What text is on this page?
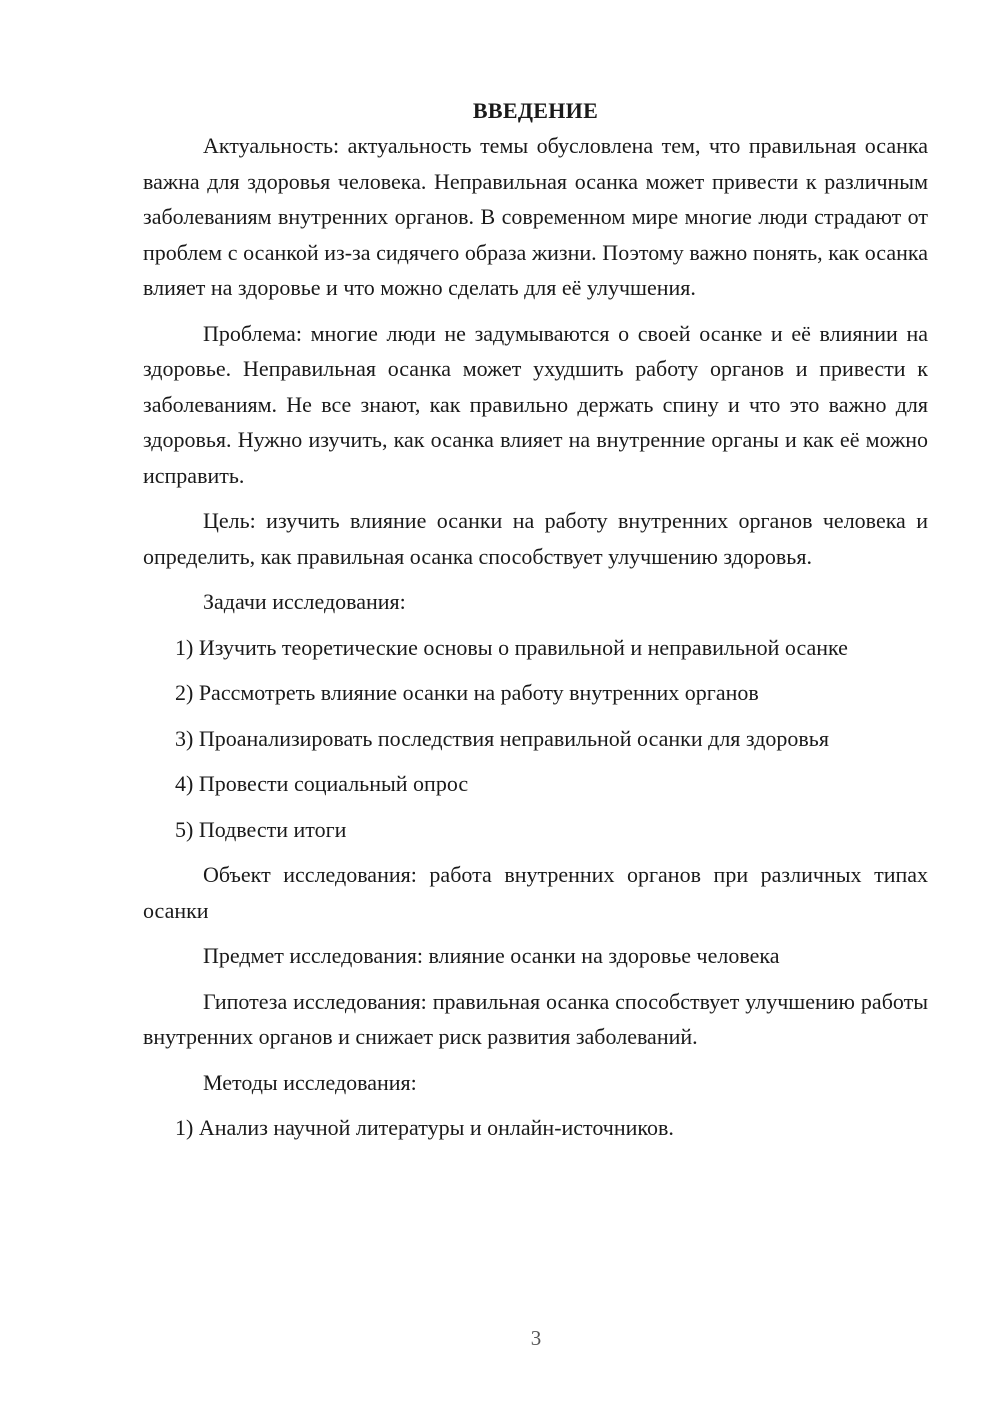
ВВЕДЕНИЕ

Актуальность: актуальность темы обусловлена тем, что правильная осанка важна для здоровья человека. Неправильная осанка может привести к различным заболеваниям внутренних органов. В современном мире многие люди страдают от проблем с осанкой из-за сидячего образа жизни. Поэтому важно понять, как осанка влияет на здоровье и что можно сделать для её улучшения.

Проблема: многие люди не задумываются о своей осанке и её влиянии на здоровье. Неправильная осанка может ухудшить работу органов и привести к заболеваниям. Не все знают, как правильно держать спину и что это важно для здоровья. Нужно изучить, как осанка влияет на внутренние органы и как её можно исправить.

Цель: изучить влияние осанки на работу внутренних органов человека и определить, как правильная осанка способствует улучшению здоровья.

Задачи исследования:

1) Изучить теоретические основы о правильной и неправильной осанке

2) Рассмотреть влияние осанки на работу внутренних органов

3) Проанализировать последствия неправильной осанки для здоровья

4) Провести социальный опрос

5) Подвести итоги

Объект исследования: работа внутренних органов при различных типах осанки

Предмет исследования: влияние осанки на здоровье человека

Гипотеза исследования: правильная осанка способствует улучшению работы внутренних органов и снижает риск развития заболеваний.

Методы исследования:

1) Анализ научной литературы и онлайн-источников.

3
